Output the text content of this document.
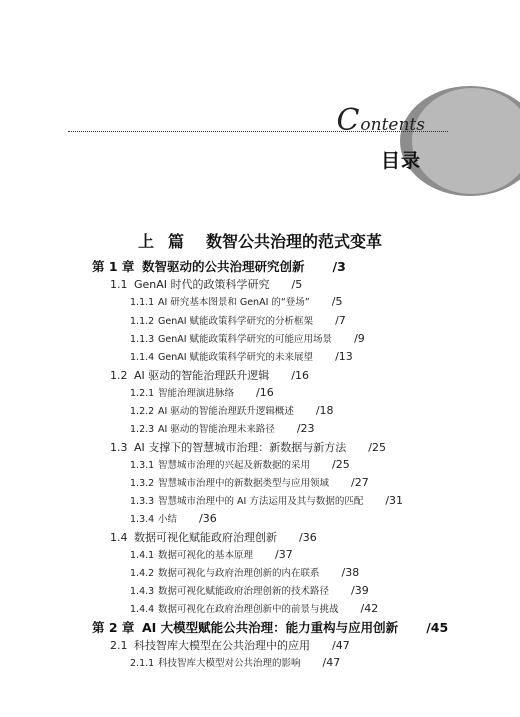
Contents
目录
上 篇 数智公共治理的范式变革
第 1 章 数智驱动的公共治理研究创新 /3
1.1 GenAI 时代的政策科学研究 /5
1.1.1 AI 研究基本图景和 GenAI 的“登场” /5
1.1.2 GenAI 赋能政策科学研究的分析框架 /7
1.1.3 GenAI 赋能政策科学研究的可能应用场景 /9
1.1.4 GenAI 赋能政策科学研究的未来展望 /13
1.2 AI 驱动的智能治理跃升逻辑 /16
1.2.1 智能治理演进脉络 /16
1.2.2 AI 驱动的智能治理跃升逻辑概述 /18
1.2.3 AI 驱动的智能治理未来路径 /23
1.3 AI 支撑下的智慧城市治理：新数据与新方法 /25
1.3.1 智慧城市治理的兴起及新数据的采用 /25
1.3.2 智慧城市治理中的新数据类型与应用领域 /27
1.3.3 智慧城市治理中的 AI 方法运用及其与数据的匹配 /31
1.3.4 小结 /36
1.4 数据可视化赋能政府治理创新 /36
1.4.1 数据可视化的基本原理 /37
1.4.2 数据可视化与政府治理创新的内在联系 /38
1.4.3 数据可视化赋能政府治理创新的技术路径 /39
1.4.4 数据可视化在政府治理创新中的前景与挑战 /42
第 2 章 AI 大模型赋能公共治理：能力重构与应用创新 /45
2.1 科技智库大模型在公共治理中的应用 /47
2.1.1 科技智库大模型对公共治理的影响 /47
